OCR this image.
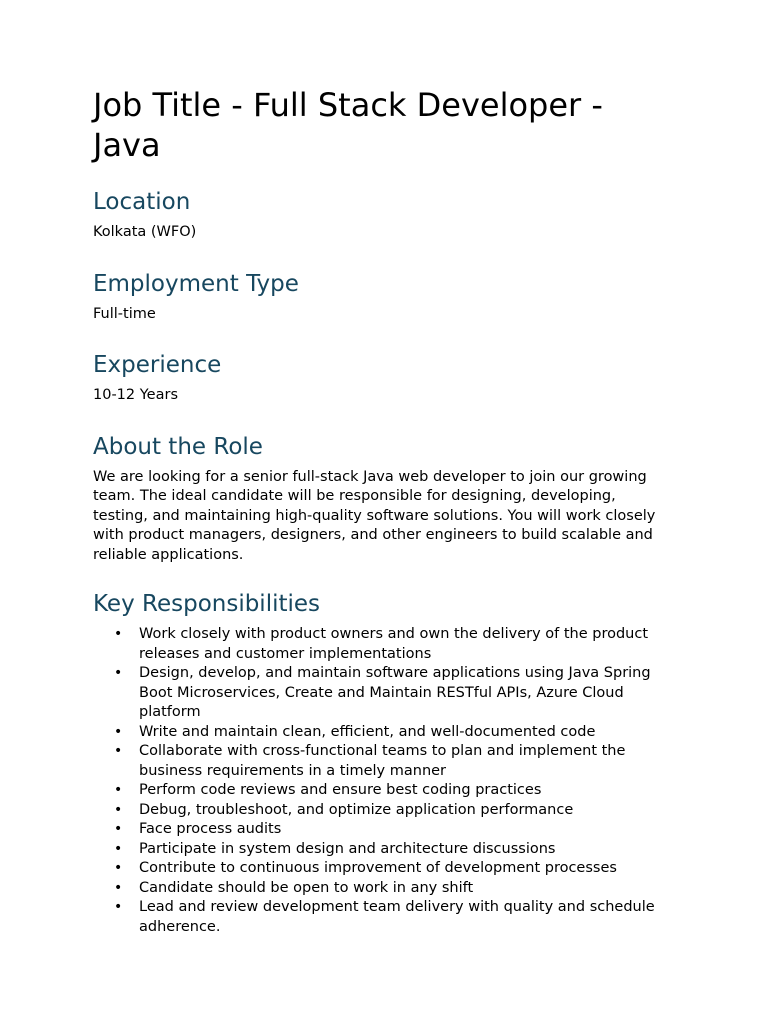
Job Title - Full Stack Developer - Java
Location

Kolkata (WFO)

Employment Type

Full-time

Experience

10-12 Years

About the Role

We are looking for a senior full-stack Java web developer to join our growing team. The ideal candidate will be responsible for designing, developing, testing, and maintaining high-quality software solutions. You will work closely with product managers, designers, and other engineers to build scalable and reliable applications.

Key Responsibilities
• Work closely with product owners and own the delivery of the product releases and customer implementations
• Design, develop, and maintain software applications using Java Spring Boot Microservices, Create and Maintain RESTful APIs, Azure Cloud platform
• Write and maintain clean, efficient, and well-documented code
• Collaborate with cross-functional teams to plan and implement the business requirements in a timely manner
• Perform code reviews and ensure best coding practices
• Debug, troubleshoot, and optimize application performance
• Face process audits
• Participate in system design and architecture discussions
• Contribute to continuous improvement of development processes
• Candidate should be open to work in any shift
• Lead and review development team delivery with quality and schedule adherence.
